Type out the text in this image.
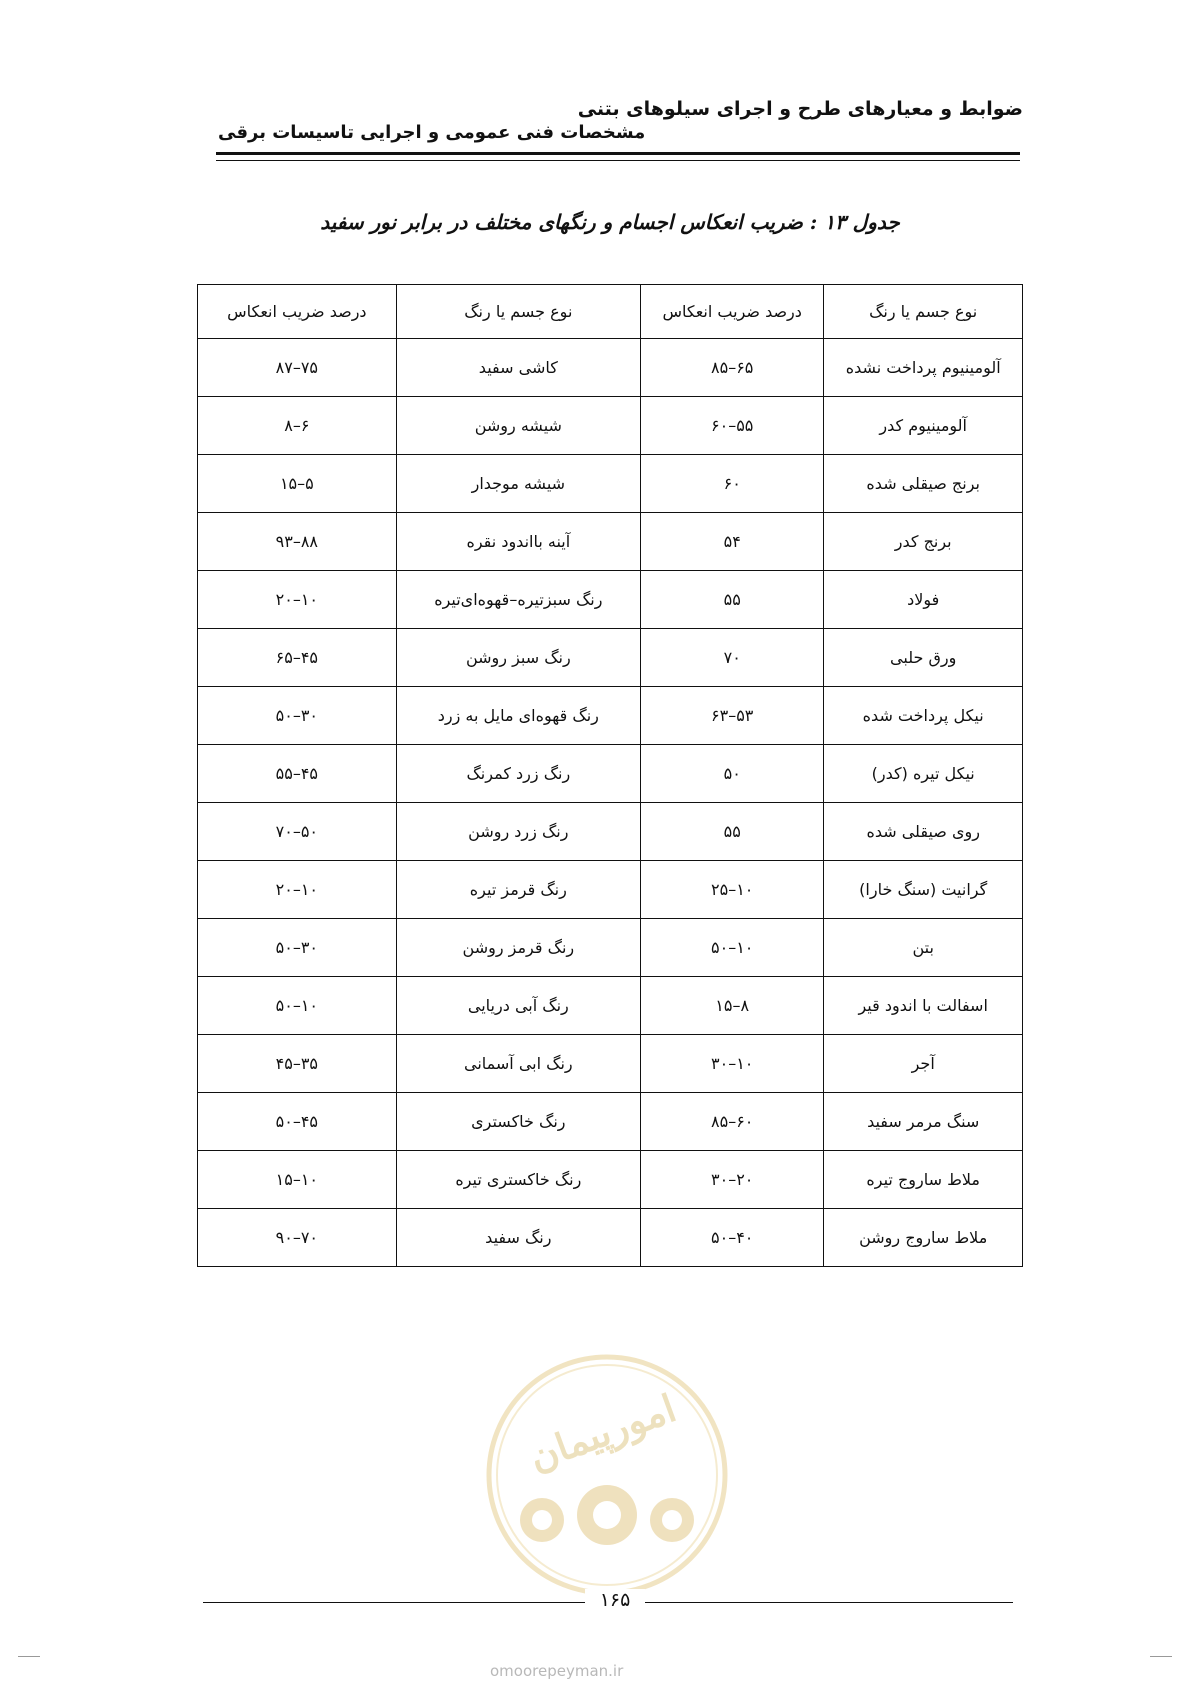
ضوابط و معیارهای طرح و اجرای سیلوهای بتنی
مشخصات فنی عمومی و اجرایی تاسیسات برقی
جدول ۱۳ : ضریب انعکاس اجسام و رنگهای مختلف در برابر نور سفید
نوع جسم یا رنگ	درصد ضریب انعکاس	نوع جسم یا رنگ	درصد ضریب انعکاس
آلومینیوم پرداخت نشده	۶۵–۸۵	کاشی سفید	۷۵–۸۷
آلومینیوم کدر	۵۵–۶۰	شیشه روشن	۶–۸
برنج صیقلی شده	۶۰	شیشه موجدار	۵–۱۵
برنج کدر	۵۴	آینه بااندود نقره	۸۸–۹۳
فولاد	۵۵	رنگ سبزتیره–قهوه‌ای‌تیره	۱۰–۲۰
ورق حلبی	۷۰	رنگ سبز روشن	۴۵–۶۵
نیکل پرداخت شده	۵۳–۶۳	رنگ قهوه‌ای مایل به زرد	۳۰–۵۰
نیکل تیره (کدر)	۵۰	رنگ زرد کمرنگ	۴۵–۵۵
روی صیقلی شده	۵۵	رنگ زرد روشن	۵۰–۷۰
گرانیت (سنگ خارا)	۱۰–۲۵	رنگ قرمز تیره	۱۰–۲۰
بتن	۱۰–۵۰	رنگ قرمز روشن	۳۰–۵۰
اسفالت با اندود قیر	۸–۱۵	رنگ آبی دریایی	۱۰–۵۰
آجر	۱۰–۳۰	رنگ ابی آسمانی	۳۵–۴۵
سنگ مرمر سفید	۶۰–۸۵	رنگ خاکستری	۴۵–۵۰
ملاط ساروج تیره	۲۰–۳۰	رنگ خاکستری تیره	۱۰–۱۵
ملاط ساروج روشن	۴۰–۵۰	رنگ سفید	۷۰–۹۰
امورپیمان
۱۶۵
omoorepeyman.ir
